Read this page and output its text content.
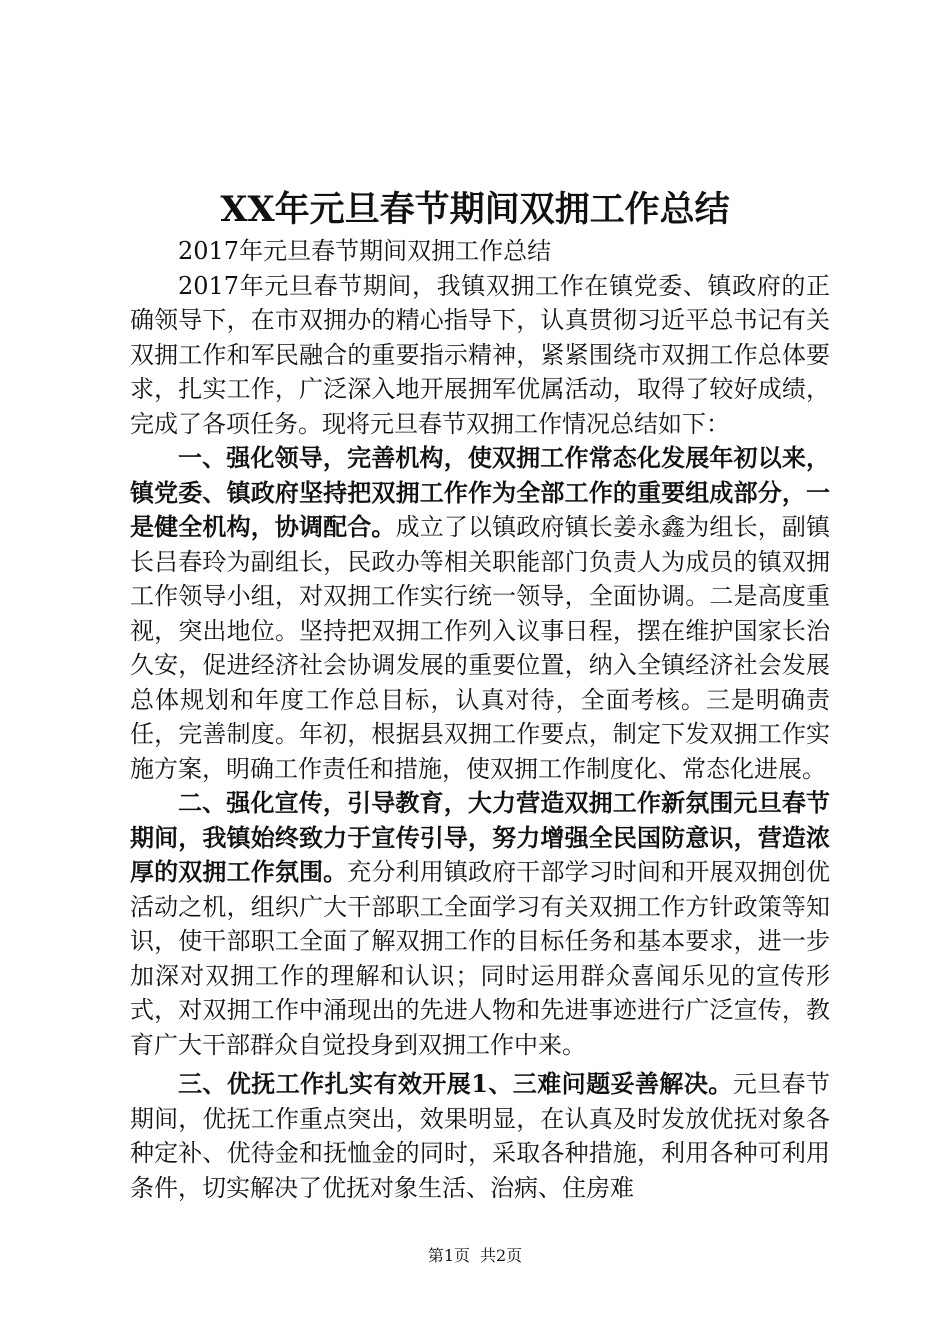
XX年元旦春节期间双拥工作总结

2017年元旦春节期间双拥工作总结

2017年元旦春节期间，我镇双拥工作在镇党委、镇政府的正确领导下，在市双拥办的精心指导下，认真贯彻习近平总书记有关双拥工作和军民融合的重要指示精神，紧紧围绕市双拥工作总体要求，扎实工作，广泛深入地开展拥军优属活动，取得了较好成绩，完成了各项任务。现将元旦春节双拥工作情况总结如下：

一、强化领导，完善机构，使双拥工作常态化发展年初以来，镇党委、镇政府坚持把双拥工作作为全部工作的重要组成部分，一是健全机构，协调配合。成立了以镇政府镇长姜永鑫为组长，副镇长吕春玲为副组长，民政办等相关职能部门负责人为成员的镇双拥工作领导小组，对双拥工作实行统一领导，全面协调。二是高度重视，突出地位。坚持把双拥工作列入议事日程，摆在维护国家长治久安，促进经济社会协调发展的重要位置，纳入全镇经济社会发展总体规划和年度工作总目标，认真对待，全面考核。三是明确责任，完善制度。年初，根据县双拥工作要点，制定下发双拥工作实施方案，明确工作责任和措施，使双拥工作制度化、常态化进展。

二、强化宣传，引导教育，大力营造双拥工作新氛围元旦春节期间，我镇始终致力于宣传引导，努力增强全民国防意识，营造浓厚的双拥工作氛围。充分利用镇政府干部学习时间和开展双拥创优活动之机，组织广大干部职工全面学习有关双拥工作方针政策等知识，使干部职工全面了解双拥工作的目标任务和基本要求，进一步加深对双拥工作的理解和认识；同时运用群众喜闻乐见的宣传形式，对双拥工作中涌现出的先进人物和先进事迹进行广泛宣传，教育广大干部群众自觉投身到双拥工作中来。

三、优抚工作扎实有效开展1、三难问题妥善解决。元旦春节期间，优抚工作重点突出，效果明显，在认真及时发放优抚对象各种定补、优待金和抚恤金的同时，采取各种措施，利用各种可利用条件，切实解决了优抚对象生活、治病、住房难

第1页 共2页
